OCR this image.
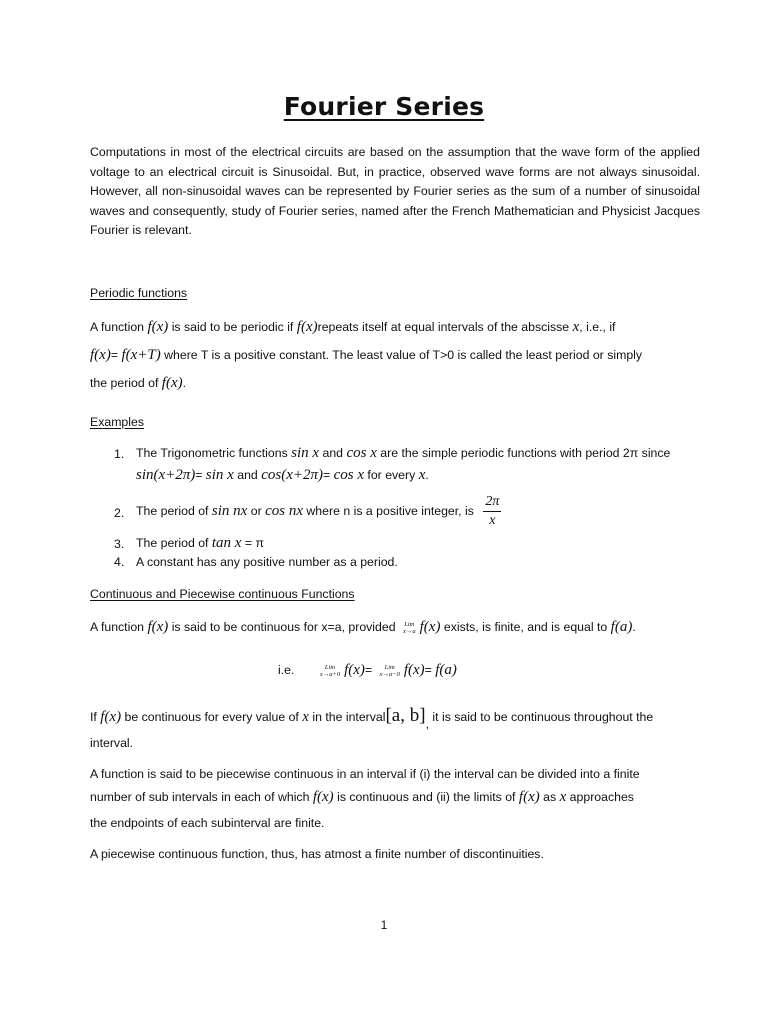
Fourier Series
Computations in most of the electrical circuits are based on the assumption that the wave form of the applied voltage to an electrical circuit is Sinusoidal. But, in practice, observed wave forms are not always sinusoidal. However, all non-sinusoidal waves can be represented by Fourier series as the sum of a number of sinusoidal waves and consequently, study of Fourier series, named after the French Mathematician and Physicist Jacques Fourier is relevant.
Periodic functions
A function f(x) is said to be periodic if f(x)repeats itself at equal intervals of the abscisse x, i.e., if
f(x)= f(x+T) where T is a positive constant. The least value of T>0 is called the least period or simply
the period of f(x).
Examples
1. The Trigonometric functions sin x and cos x are the simple periodic functions with period 2π since
sin(x+2π)= sin x and cos(x+2π)= cos x for every x.
2. The period of sin nx or cos nx where n is a positive integer, is $\frac{2\pi}{x}$
3. The period of tan x = π
4. A constant has any positive number as a period.
Continuous and Piecewise continuous Functions
A function f(x) is said to be continuous for x=a, provided Lim
x→a f(x) exists, is finite, and is equal to f(a).
i.e.	Lim
x→a+0 f(x)= Lim
x→a−0 f(x)= f(a)
If f(x) be continuous for every value of x in the interval[a, b], it is said to be continuous throughout the
interval.
A function is said to be piecewise continuous in an interval if (i) the interval can be divided into a finite
number of sub intervals in each of which f(x) is continuous and (ii) the limits of f(x) as x approaches
the endpoints of each subinterval are finite.
A piecewise continuous function, thus, has atmost a finite number of discontinuities.
1
